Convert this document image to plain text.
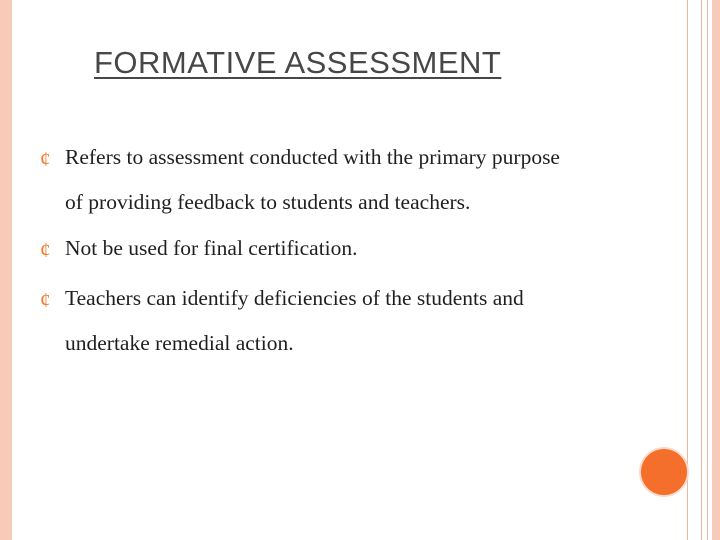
FORMATIVE ASSESSMENT
¢ Refers to assessment conducted with the primary purpose
of providing feedback to students and teachers.
¢ Not be used for final certification.
¢ Teachers can identify deficiencies of the students and
undertake remedial action.
